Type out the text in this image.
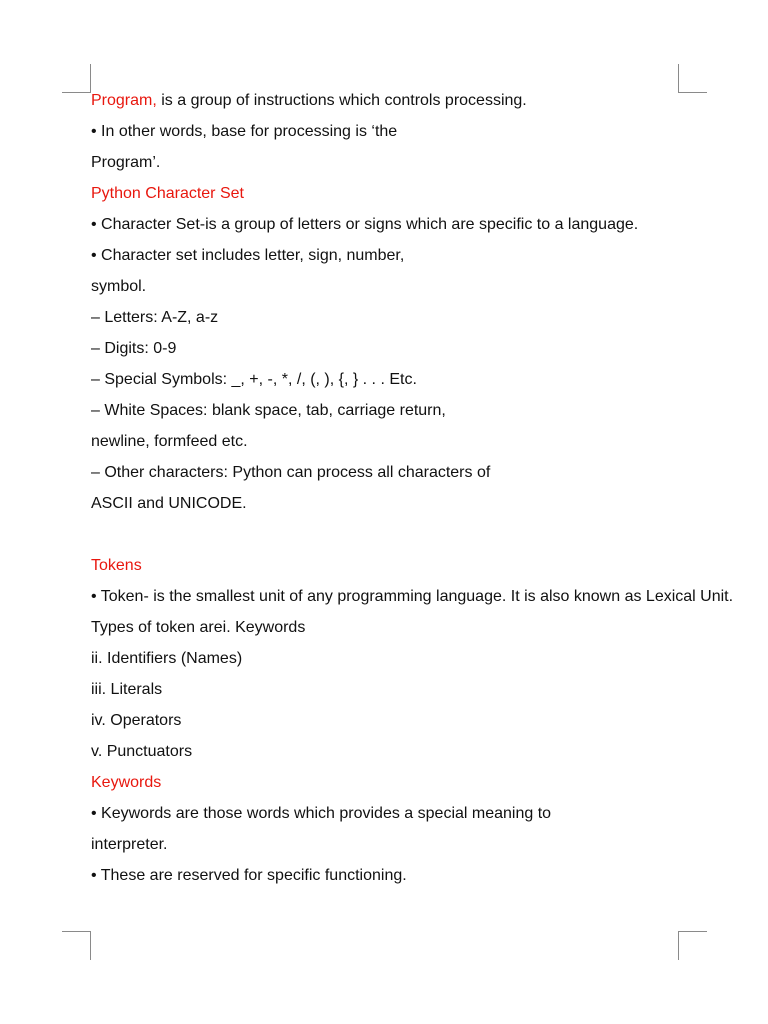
Program, is a group of instructions which controls processing.

• In other words, base for processing is ‘the

Program’.

Python Character Set

• Character Set-is a group of letters or signs which are specific to a language.

• Character set includes letter, sign, number,

symbol.

– Letters: A-Z, a-z

– Digits: 0-9

– Special Symbols: _, +, -, *, /, (, ), {, } . . . Etc.

– White Spaces: blank space, tab, carriage return,

newline, formfeed etc.

– Other characters: Python can process all characters of

ASCII and UNICODE.

Tokens

• Token- is the smallest unit of any programming language. It is also known as Lexical Unit.

Types of token arei. Keywords

ii. Identifiers (Names)

iii. Literals

iv. Operators

v. Punctuators

Keywords

• Keywords are those words which provides a special meaning to

interpreter.

• These are reserved for specific functioning.
